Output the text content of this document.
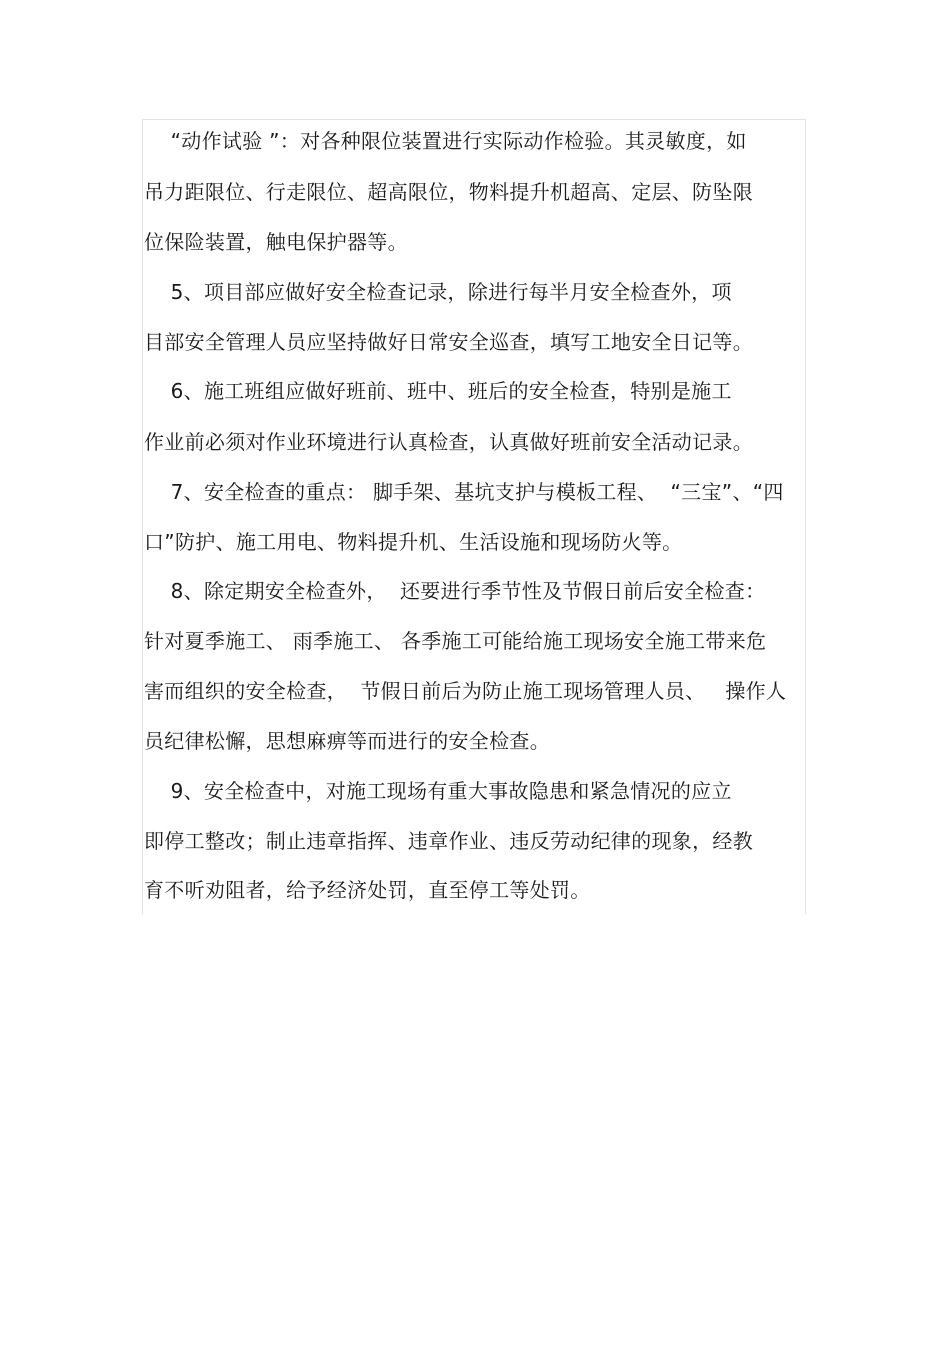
“动作试验 ”：对各种限位装置进行实际动作检验。其灵敏度，如
吊力距限位、行走限位、超高限位，物料提升机超高、定层、防坠限
位保险装置，触电保护器等。
5、项目部应做好安全检查记录，除进行每半月安全检查外，项
目部安全管理人员应坚持做好日常安全巡查，填写工地安全日记等。
6、施工班组应做好班前、班中、班后的安全检查，特别是施工
作业前必须对作业环境进行认真检查，认真做好班前安全活动记录。
7、安全检查的重点： 脚手架、基坑支护与模板工程、  “三宝”、“四
口”防护、施工用电、物料提升机、生活设施和现场防火等。
8、除定期安全检查外，  还要进行季节性及节假日前后安全检查：
针对夏季施工、 雨季施工、 各季施工可能给施工现场安全施工带来危
害而组织的安全检查，  节假日前后为防止施工现场管理人员、   操作人
员纪律松懈，思想麻痹等而进行的安全检查。
9、安全检查中，对施工现场有重大事故隐患和紧急情况的应立
即停工整改；制止违章指挥、违章作业、违反劳动纪律的现象，经教
育不听劝阻者，给予经济处罚，直至停工等处罚。
